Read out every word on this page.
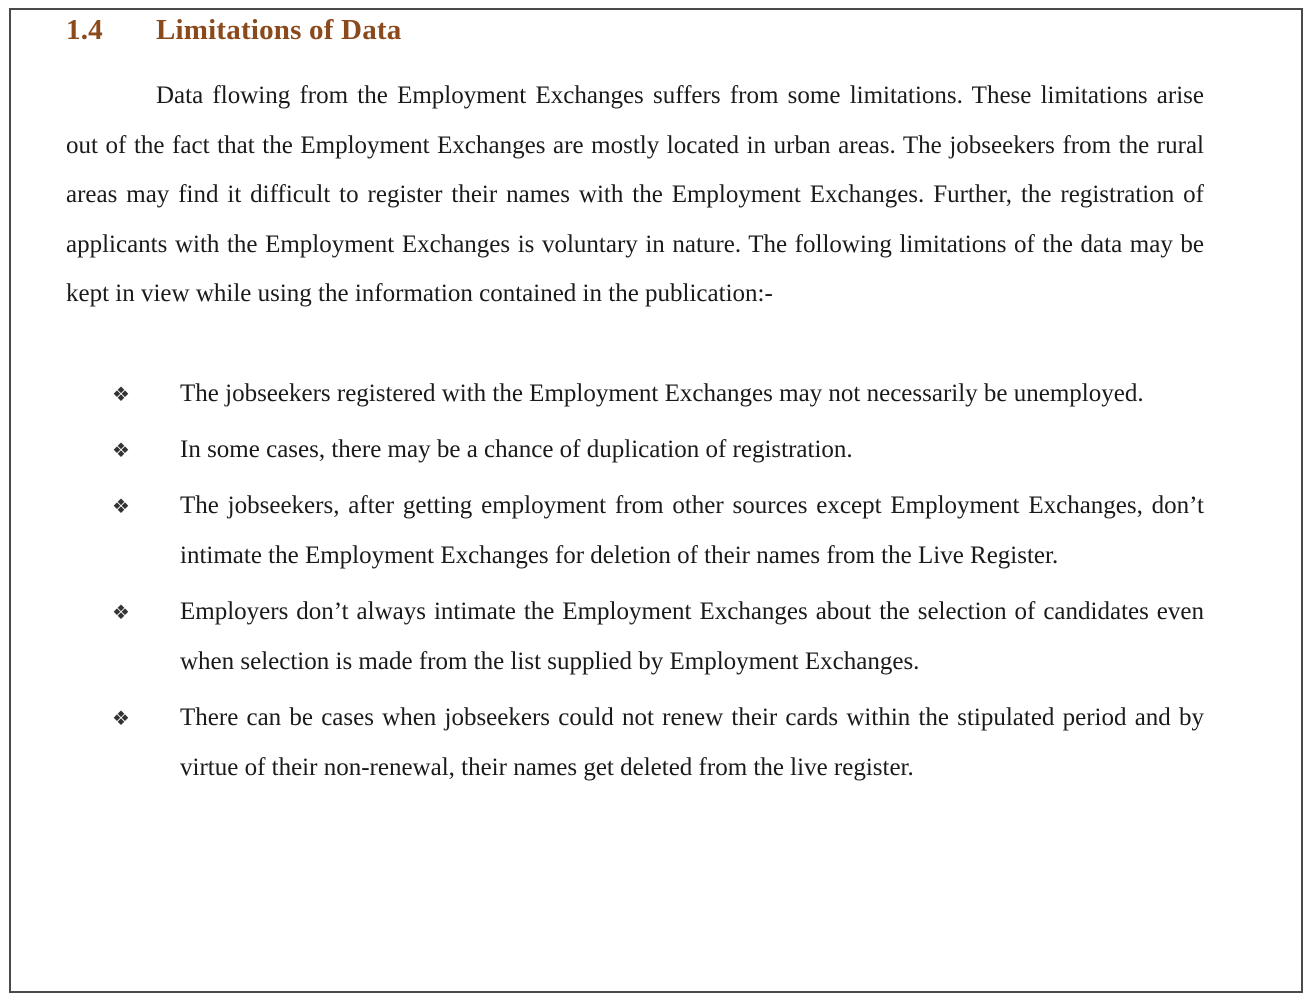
1.4 Limitations of Data

Data flowing from the Employment Exchanges suffers from some limitations. These limitations arise out of the fact that the Employment Exchanges are mostly located in urban areas. The jobseekers from the rural areas may find it difficult to register their names with the Employment Exchanges. Further, the registration of applicants with the Employment Exchanges is voluntary in nature. The following limitations of the data may be kept in view while using the information contained in the publication:-

❖ The jobseekers registered with the Employment Exchanges may not necessarily be unemployed.
❖ In some cases, there may be a chance of duplication of registration.
❖ The jobseekers, after getting employment from other sources except Employment Exchanges, don’t intimate the Employment Exchanges for deletion of their names from the Live Register.
❖ Employers don’t always intimate the Employment Exchanges about the selection of candidates even when selection is made from the list supplied by Employment Exchanges.
❖ There can be cases when jobseekers could not renew their cards within the stipulated period and by virtue of their non-renewal, their names get deleted from the live register.
